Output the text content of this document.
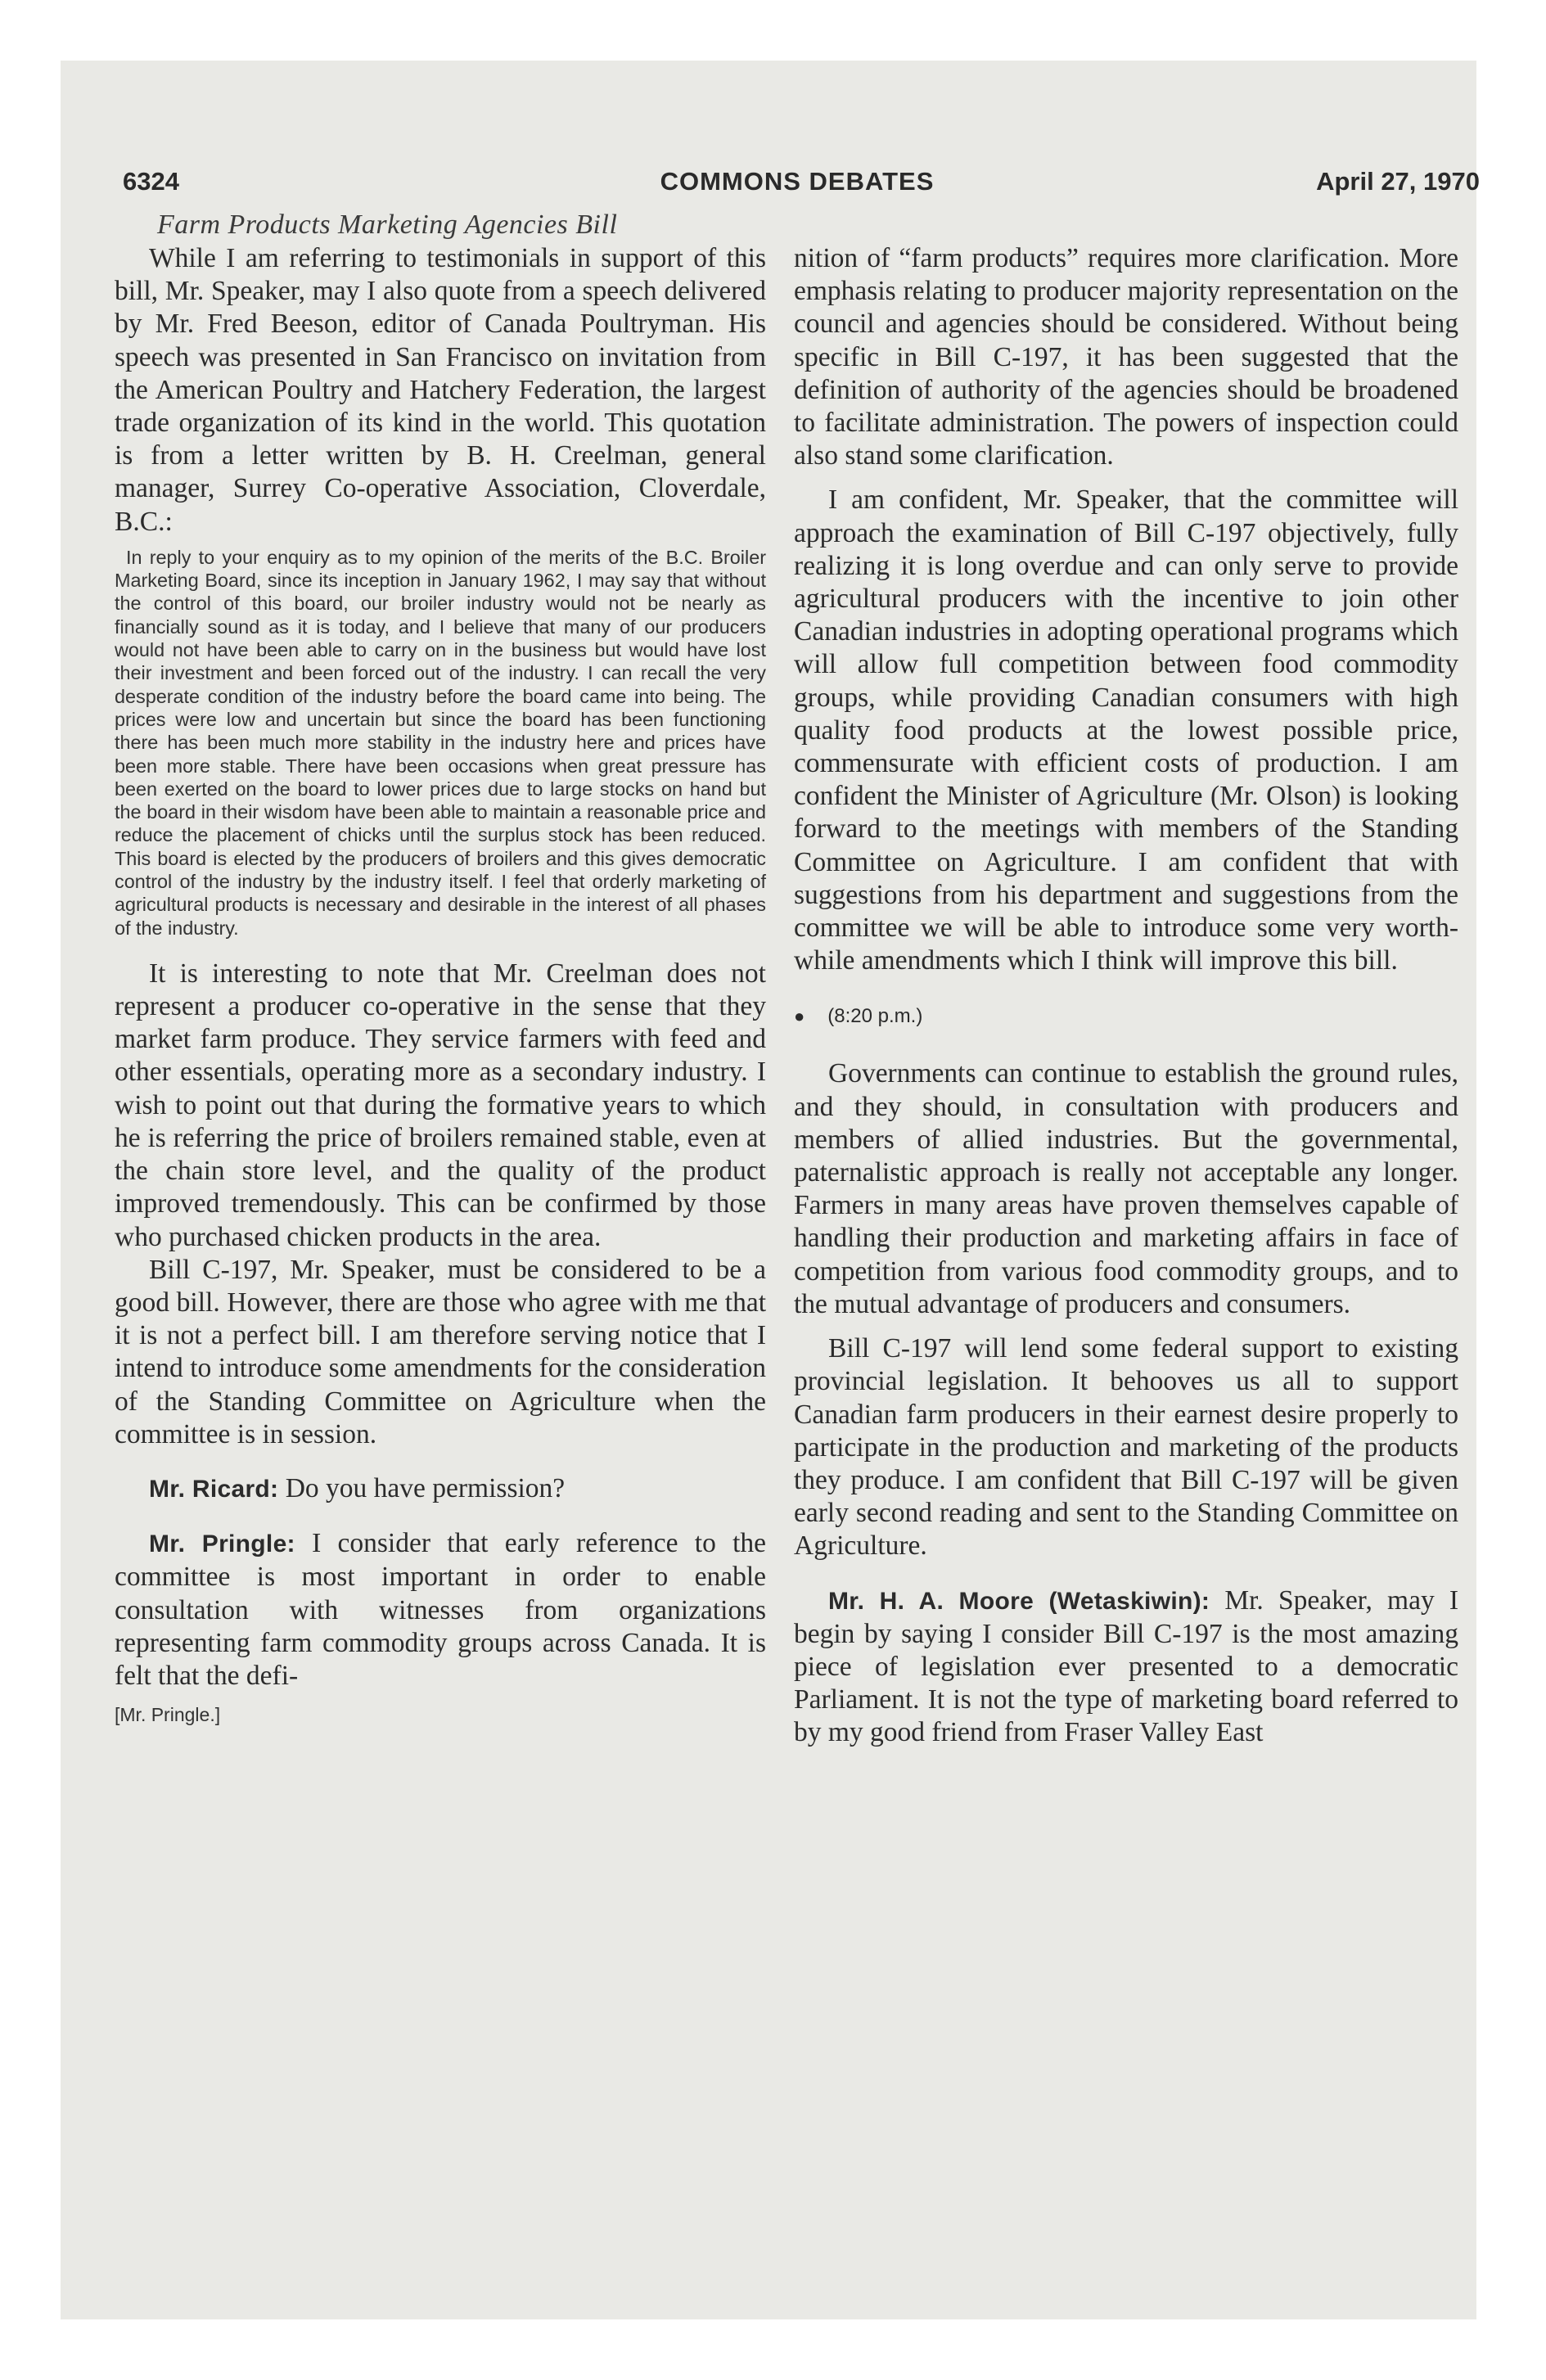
6324	COMMONS DEBATES	April 27, 1970
Farm Products Marketing Agencies Bill

While I am referring to testimonials in support of this bill, Mr. Speaker, may I also quote from a speech delivered by Mr. Fred Beeson, editor of Canada Poultryman. His speech was presented in San Francisco on invitation from the American Poultry and Hatchery Federation, the largest trade organization of its kind in the world. This quotation is from a letter written by B. H. Creelman, general manager, Surrey Co-operative Association, Cloverdale, B.C.:

In reply to your enquiry as to my opinion of the merits of the B.C. Broiler Marketing Board, since its inception in January 1962, I may say that without the control of this board, our broiler industry would not be nearly as financially sound as it is today, and I believe that many of our producers would not have been able to carry on in the business but would have lost their investment and been forced out of the industry. I can recall the very desperate condition of the industry before the board came into being. The prices were low and uncertain but since the board has been functioning there has been much more stability in the industry here and prices have been more stable. There have been occasions when great pressure has been exerted on the board to lower prices due to large stocks on hand but the board in their wisdom have been able to maintain a reasonable price and reduce the placement of chicks until the surplus stock has been reduced. This board is elected by the producers of broilers and this gives democratic control of the industry by the industry itself. I feel that orderly marketing of agricultural products is necessary and desirable in the interest of all phases of the industry.

It is interesting to note that Mr. Creelman does not represent a producer co-operative in the sense that they market farm produce. They service farmers with feed and other essentials, operating more as a secondary industry. I wish to point out that during the formative years to which he is referring the price of broilers remained stable, even at the chain store level, and the quality of the product improved tremendously. This can be confirmed by those who purchased chicken products in the area.

Bill C-197, Mr. Speaker, must be considered to be a good bill. However, there are those who agree with me that it is not a perfect bill. I am therefore serving notice that I intend to introduce some amendments for the consideration of the Standing Committee on Agriculture when the committee is in session.

Mr. Ricard: Do you have permission?

Mr. Pringle: I consider that early reference to the committee is most important in order to enable consultation with witnesses from organizations representing farm commodity groups across Canada. It is felt that the defi-

[Mr. Pringle.]

nition of “farm products” requires more clarification. More emphasis relating to producer majority representation on the council and agencies should be considered. Without being specific in Bill C-197, it has been suggested that the definition of authority of the agencies should be broadened to facilitate administration. The powers of inspection could also stand some clarification.

I am confident, Mr. Speaker, that the committee will approach the examination of Bill C-197 objectively, fully realizing it is long overdue and can only serve to provide agricultural producers with the incentive to join other Canadian industries in adopting operational programs which will allow full competition between food commodity groups, while providing Canadian consumers with high quality food products at the lowest possible price, commensurate with efficient costs of production. I am confident the Minister of Agriculture (Mr. Olson) is looking forward to the meetings with members of the Standing Committee on Agriculture. I am confident that with suggestions from his department and suggestions from the committee we will be able to introduce some very worth-while amendments which I think will improve this bill.

● (8:20 p.m.)

Governments can continue to establish the ground rules, and they should, in consultation with producers and members of allied industries. But the governmental, paternalistic approach is really not acceptable any longer. Farmers in many areas have proven themselves capable of handling their production and marketing affairs in face of competition from various food commodity groups, and to the mutual advantage of producers and consumers.

Bill C-197 will lend some federal support to existing provincial legislation. It behooves us all to support Canadian farm producers in their earnest desire properly to participate in the production and marketing of the products they produce. I am confident that Bill C-197 will be given early second reading and sent to the Standing Committee on Agriculture.

Mr. H. A. Moore (Wetaskiwin): Mr. Speaker, may I begin by saying I consider Bill C-197 is the most amazing piece of legislation ever presented to a democratic Parliament. It is not the type of marketing board referred to by my good friend from Fraser Valley East
